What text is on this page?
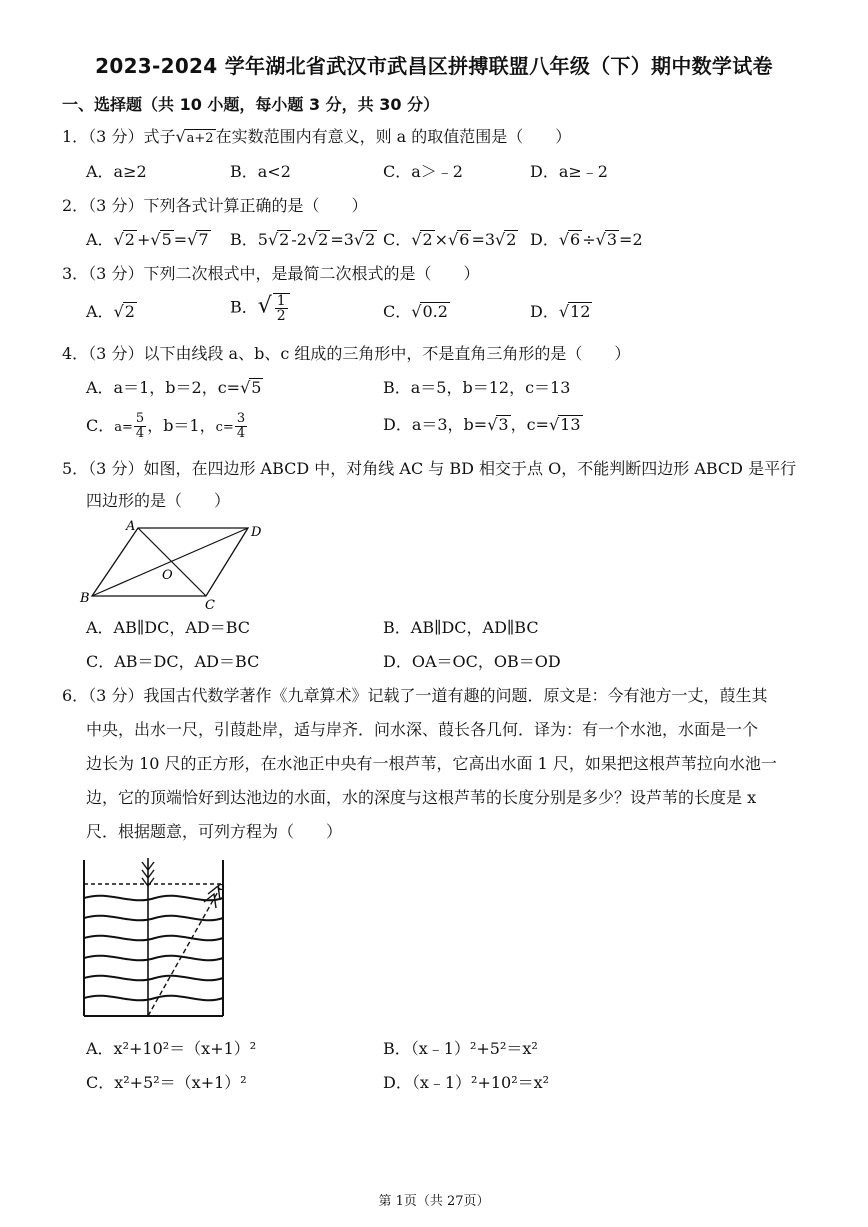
2023-2024 学年湖北省武汉市武昌区拼搏联盟八年级（下）期中数学试卷
一、选择题（共 10 小题，每小题 3 分，共 30 分）
1．（3 分）式子√a+2 在实数范围内有意义，则 a 的取值范围是（　　）
A．a≥2	B．a<2	C．a＞﹣2	D．a≥﹣2
2．（3 分）下列各式计算正确的是（　　）
A．√2 +√5 =√7 B．5√2 -2√2 =3√2 C．√2 ×√6 =3√2 D．√6 ÷√3 =2
3．（3 分）下列二次根式中，是最简二次根式的是（　　）
A．√2	B．√ $\frac{1}{2}$	C．√0.2	D．√12
4．（3 分）以下由线段 a、b、c 组成的三角形中，不是直角三角形的是（　　）
A．a＝1，b＝2，c=√5	B．a＝5，b＝12，c＝13
C．$a= \frac{5}{4}$ ，b＝1，$c= \frac{3}{4}$	D．a＝3，b=√3 ，c=√13
5．（3 分）如图，在四边形 ABCD 中，对角线 AC 与 BD 相交于点 O，不能判断四边形 ABCD 是平行
四边形的是（　　）
A	D
B	C
O
A．AB∥DC，AD＝BC	B．AB∥DC，AD∥BC
C．AB＝DC，AD＝BC	D．OA＝OC，OB＝OD
6．（3 分）我国古代数学著作《九章算术》记载了一道有趣的问题．原文是：今有池方一丈，葭生其
中央，出水一尺，引葭赴岸，适与岸齐．问水深、葭长各几何．译为：有一个水池，水面是一个
边长为 10 尺的正方形，在水池正中央有一根芦苇，它高出水面 1 尺，如果把这根芦苇拉向水池一
边，它的顶端恰好到达池边的水面，水的深度与这根芦苇的长度分别是多少？设芦苇的长度是 x
尺．根据题意，可列方程为（　　）
A．x²+10²＝（x+1）²	B．（x﹣1）²+5²＝x²
C．x²+5²＝（x+1）²	D．（x﹣1）²+10²＝x²
第 1页（共 27页）
